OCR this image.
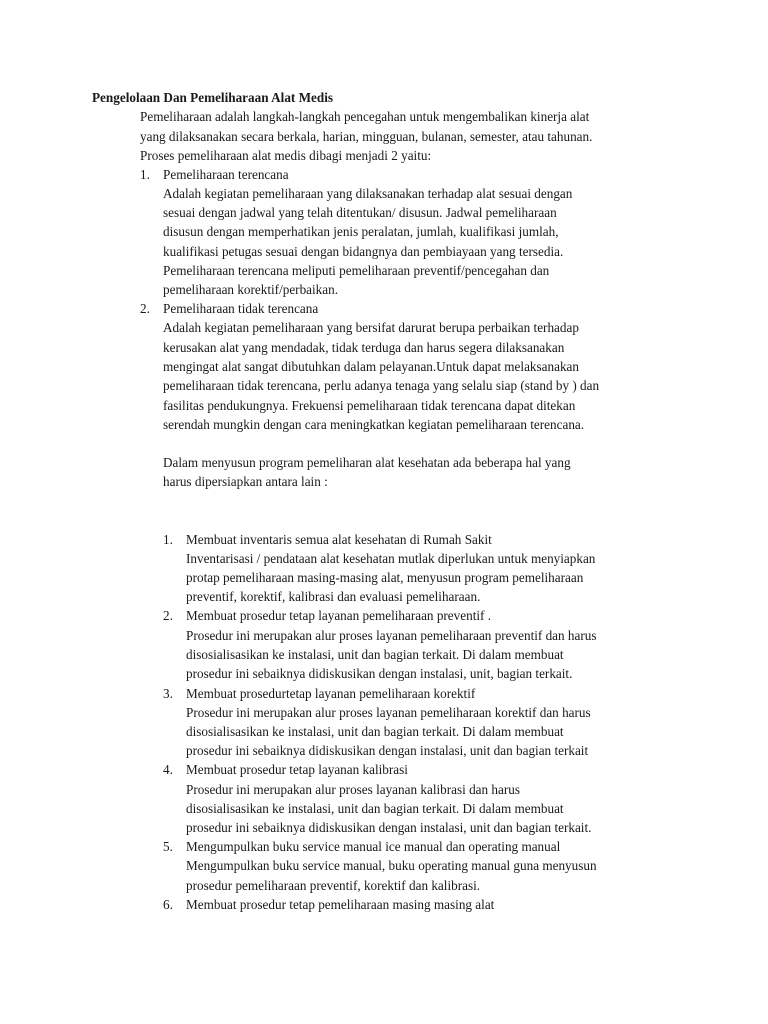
Pengelolaan Dan Pemeliharaan Alat Medis
Pemeliharaan adalah langkah-langkah pencegahan untuk mengembalikan kinerja alat
yang dilaksanakan secara berkala, harian, mingguan, bulanan, semester, atau tahunan.
Proses pemeliharaan alat medis dibagi menjadi 2 yaitu:
1. Pemeliharaan terencana
Adalah kegiatan pemeliharaan yang dilaksanakan terhadap alat sesuai dengan
sesuai dengan jadwal yang telah ditentukan/ disusun. Jadwal pemeliharaan
disusun dengan memperhatikan jenis peralatan, jumlah, kualifikasi jumlah,
kualifikasi petugas sesuai dengan bidangnya dan pembiayaan yang tersedia.
Pemeliharaan terencana meliputi pemeliharaan preventif/pencegahan dan
pemeliharaan korektif/perbaikan.
2. Pemeliharaan tidak terencana
Adalah kegiatan pemeliharaan yang bersifat darurat berupa perbaikan terhadap
kerusakan alat yang mendadak, tidak terduga dan harus segera dilaksanakan
mengingat alat sangat dibutuhkan dalam pelayanan.Untuk dapat melaksanakan
pemeliharaan tidak terencana, perlu adanya tenaga yang selalu siap (stand by ) dan
fasilitas pendukungnya. Frekuensi pemeliharaan tidak terencana dapat ditekan
serendah mungkin dengan cara meningkatkan kegiatan pemeliharaan terencana.
Dalam menyusun program pemeliharan alat kesehatan ada beberapa hal yang
harus dipersiapkan antara lain :
1. Membuat inventaris semua alat kesehatan di Rumah Sakit
Inventarisasi / pendataan alat kesehatan mutlak diperlukan untuk menyiapkan
protap pemeliharaan masing-masing alat, menyusun program pemeliharaan
preventif, korektif, kalibrasi dan evaluasi pemeliharaan.
2. Membuat prosedur tetap layanan pemeliharaan preventif .
Prosedur ini merupakan alur proses layanan pemeliharaan preventif dan harus
disosialisasikan ke instalasi, unit dan bagian terkait. Di dalam membuat
prosedur ini sebaiknya didiskusikan dengan instalasi, unit, bagian terkait.
3. Membuat prosedurtetap layanan pemeliharaan korektif
Prosedur ini merupakan alur proses layanan pemeliharaan korektif dan harus
disosialisasikan ke instalasi, unit dan bagian terkait. Di dalam membuat
prosedur ini sebaiknya didiskusikan dengan instalasi, unit dan bagian terkait
4. Membuat prosedur tetap layanan kalibrasi
Prosedur ini merupakan alur proses layanan kalibrasi dan harus
disosialisasikan ke instalasi, unit dan bagian terkait. Di dalam membuat
prosedur ini sebaiknya didiskusikan dengan instalasi, unit dan bagian terkait.
5. Mengumpulkan buku service manual ice manual dan operating manual
Mengumpulkan buku service manual, buku operating manual guna menyusun
prosedur pemeliharaan preventif, korektif dan kalibrasi.
6. Membuat prosedur tetap pemeliharaan masing masing alat
